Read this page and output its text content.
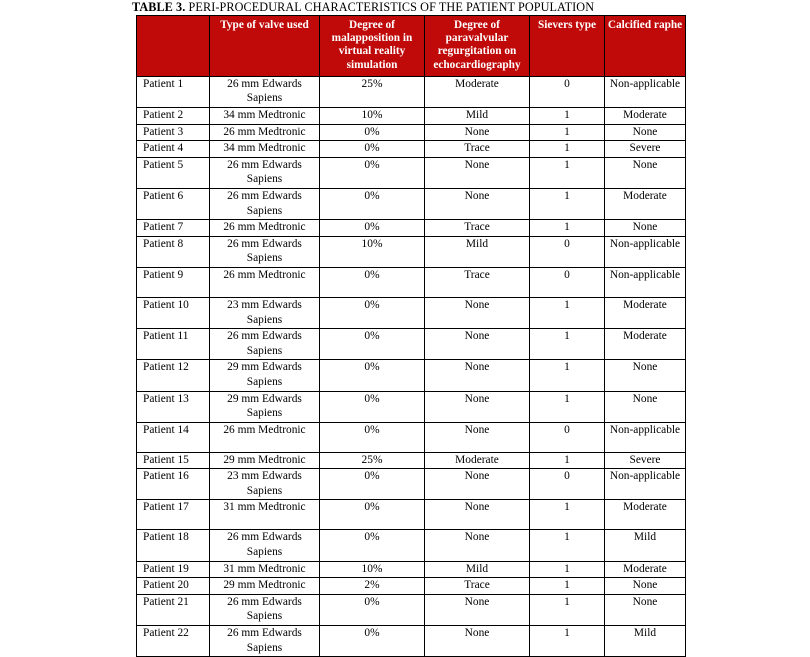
TABLE 3. PERI-PROCEDURAL CHARACTERISTICS OF THE PATIENT POPULATION
	Type of valve used	Degree of malapposition in virtual reality simulation	Degree of paravalvular regurgitation on echocardiography	Sievers type	Calcified raphe
Patient 1	26 mm Edwards Sapiens	25%	Moderate	0	Non-applicable
Patient 2	34 mm Medtronic	10%	Mild	1	Moderate
Patient 3	26 mm Medtronic	0%	None	1	None
Patient 4	34 mm Medtronic	0%	Trace	1	Severe
Patient 5	26 mm Edwards Sapiens	0%	None	1	None
Patient 6	26 mm Edwards Sapiens	0%	None	1	Moderate
Patient 7	26 mm Medtronic	0%	Trace	1	None
Patient 8	26 mm Edwards Sapiens	10%	Mild	0	Non-applicable
Patient 9	26 mm Medtronic	0%	Trace	0	Non-applicable
Patient 10	23 mm Edwards Sapiens	0%	None	1	Moderate
Patient 11	26 mm Edwards Sapiens	0%	None	1	Moderate
Patient 12	29 mm Edwards Sapiens	0%	None	1	None
Patient 13	29 mm Edwards Sapiens	0%	None	1	None
Patient 14	26 mm Medtronic	0%	None	0	Non-applicable
Patient 15	29 mm Medtronic	25%	Moderate	1	Severe
Patient 16	23 mm Edwards Sapiens	0%	None	0	Non-applicable
Patient 17	31 mm Medtronic	0%	None	1	Moderate
Patient 18	26 mm Edwards Sapiens	0%	None	1	Mild
Patient 19	31 mm Medtronic	10%	Mild	1	Moderate
Patient 20	29 mm Medtronic	2%	Trace	1	None
Patient 21	26 mm Edwards Sapiens	0%	None	1	None
Patient 22	26 mm Edwards Sapiens	0%	None	1	Mild
